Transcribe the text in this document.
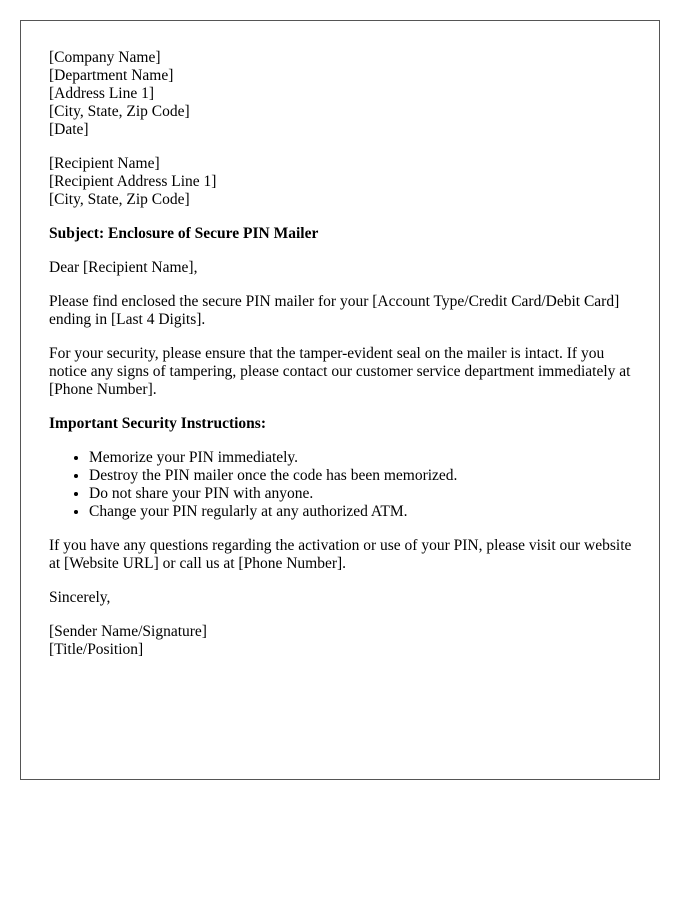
[Company Name]
[Department Name]
[Address Line 1]
[City, State, Zip Code]
[Date]
[Recipient Name]
[Recipient Address Line 1]
[City, State, Zip Code]

Subject: Enclosure of Secure PIN Mailer

Dear [Recipient Name],

Please find enclosed the secure PIN mailer for your [Account Type/Credit Card/Debit Card] ending in [Last 4 Digits].

For your security, please ensure that the tamper-evident seal on the mailer is intact. If you notice any signs of tampering, please contact our customer service department immediately at [Phone Number].

Important Security Instructions:

• Memorize your PIN immediately.
• Destroy the PIN mailer once the code has been memorized.
• Do not share your PIN with anyone.
• Change your PIN regularly at any authorized ATM.

If you have any questions regarding the activation or use of your PIN, please visit our website at [Website URL] or call us at [Phone Number].

Sincerely,

[Sender Name/Signature]
[Title/Position]
